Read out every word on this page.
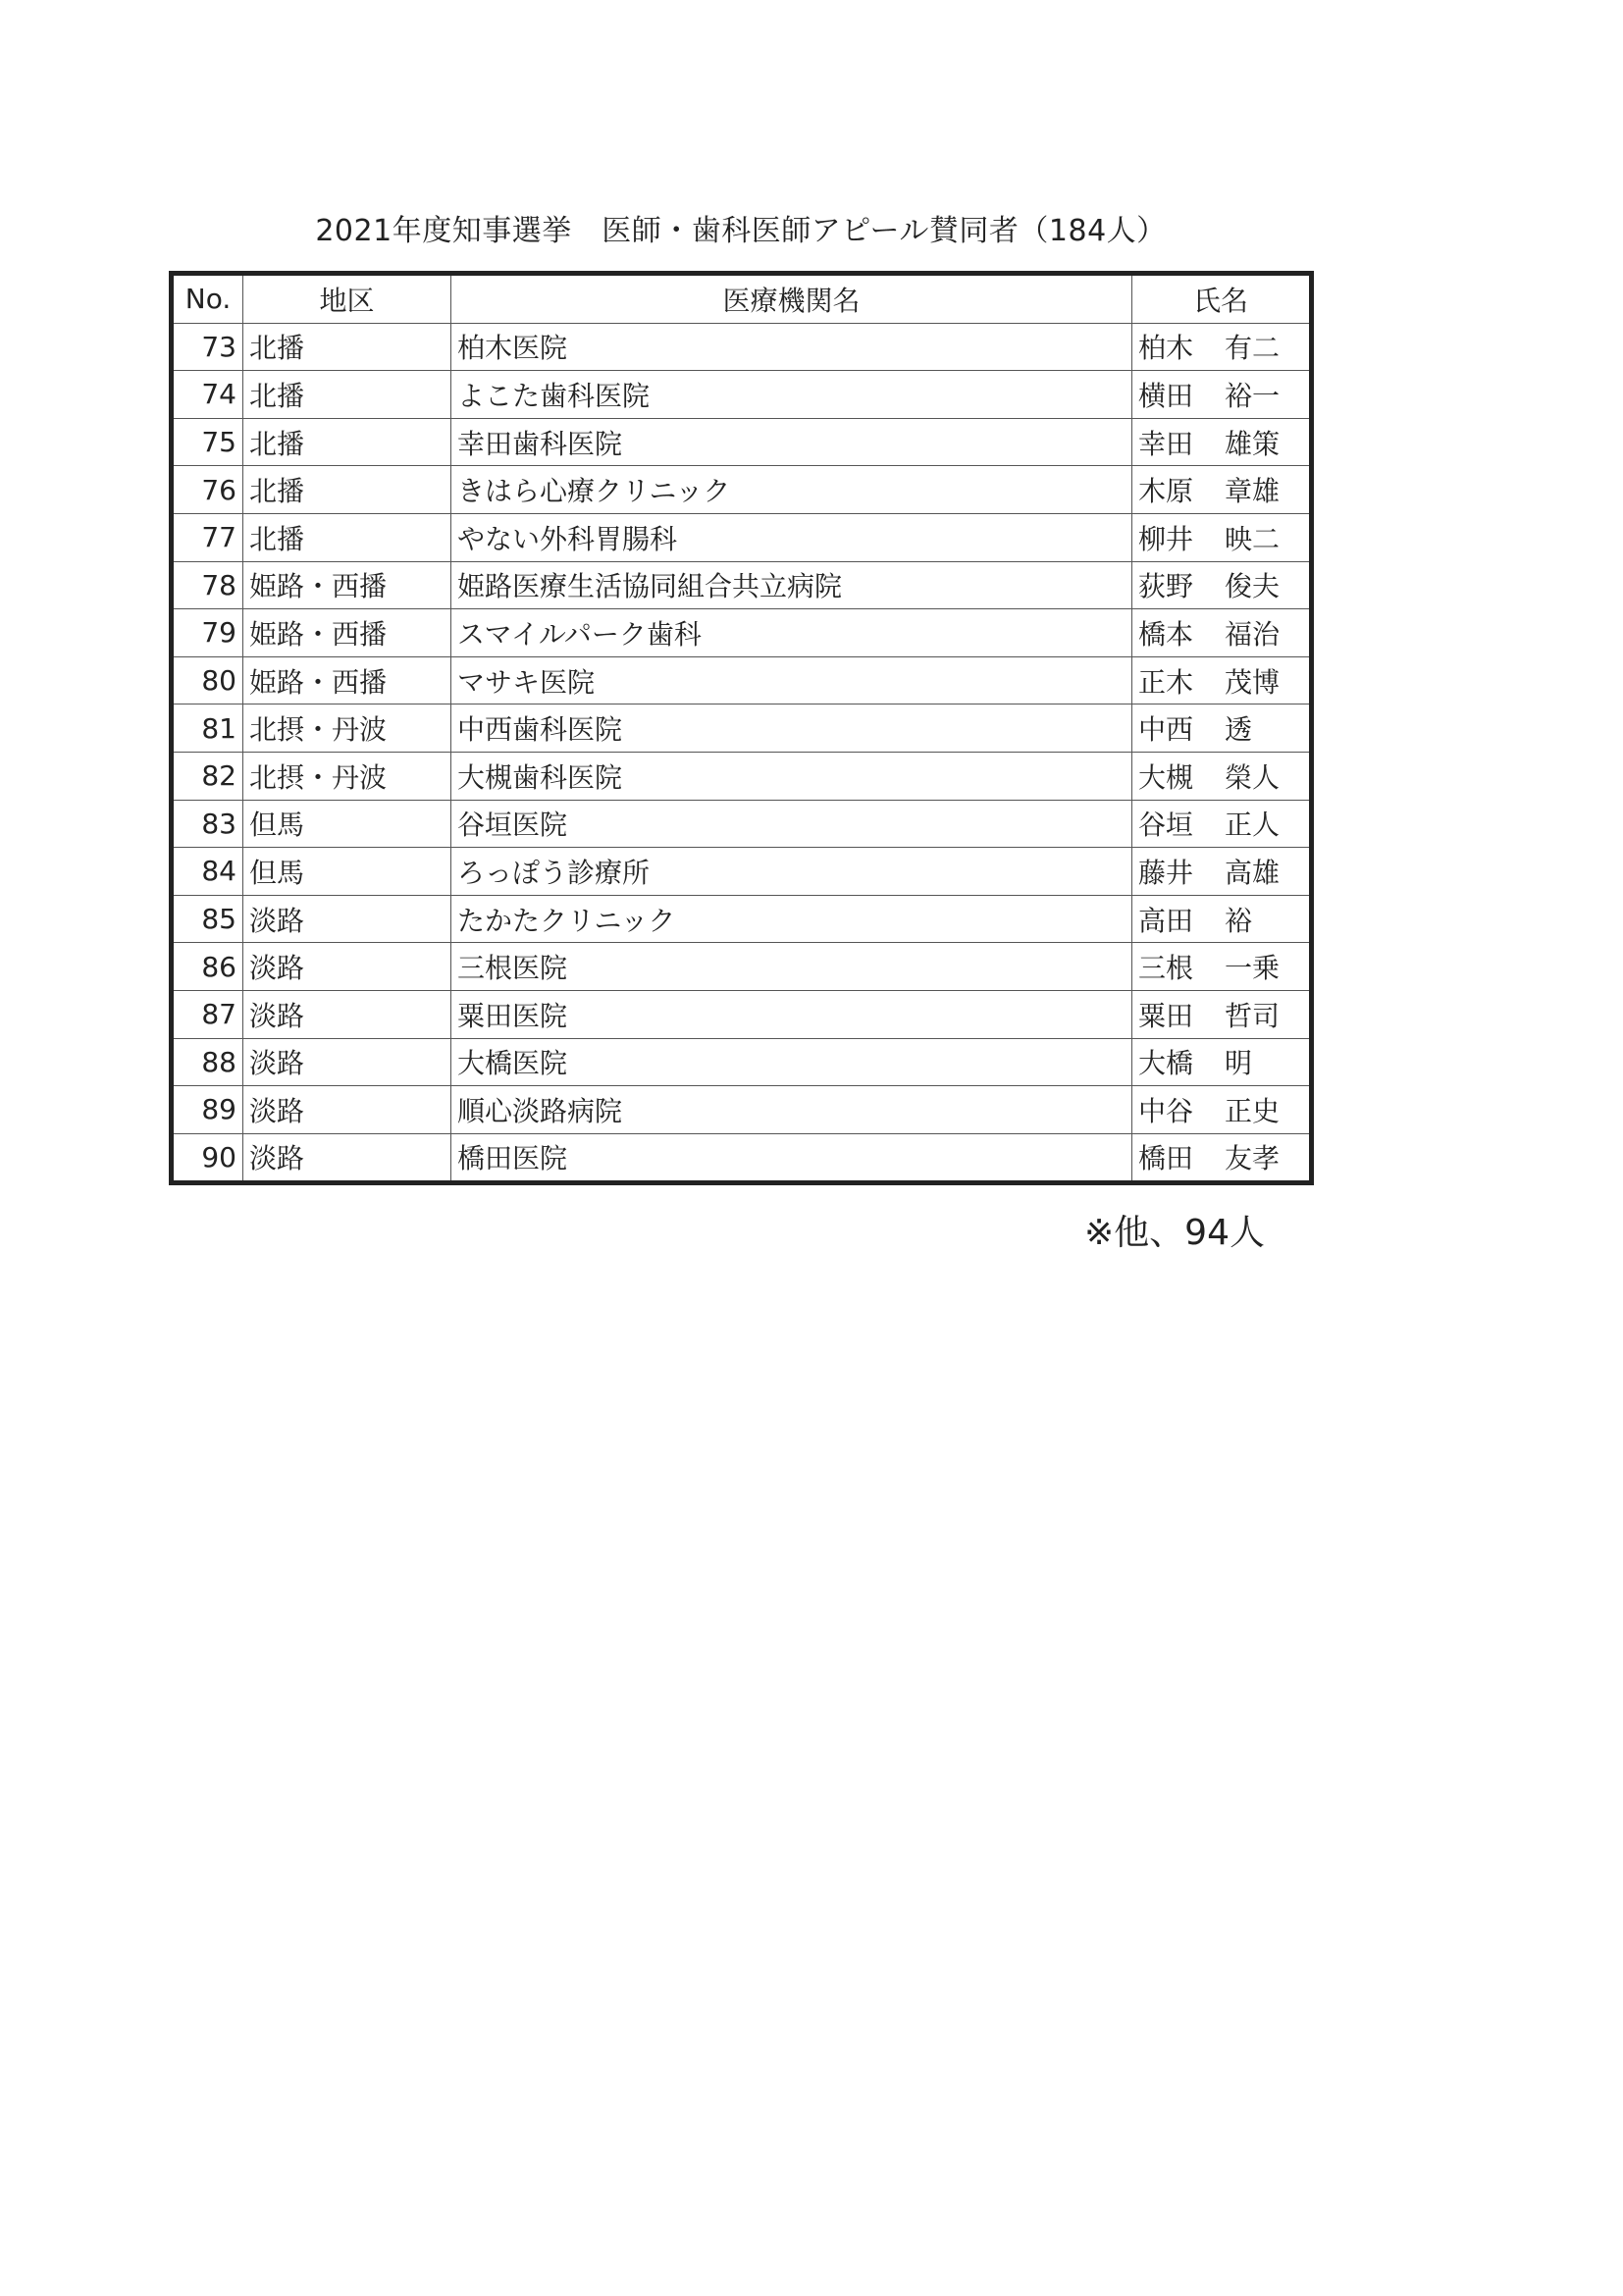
2021年度知事選挙　医師・歯科医師アピール賛同者（184人）
No.	地区	医療機関名	氏名
73	北播	柏木医院	柏木 有二

74	北播	よこた歯科医院	横田 裕一

75	北播	幸田歯科医院	幸田 雄策

76	北播	きはら心療クリニック	木原 章雄

77	北播	やない外科胃腸科	柳井 映二

78	姫路・西播	姫路医療生活協同組合共立病院	荻野 俊夫

79	姫路・西播	スマイルパーク歯科	橋本 福治

80	姫路・西播	マサキ医院	正木 茂博

81	北摂・丹波	中西歯科医院	中西 透

82	北摂・丹波	大槻歯科医院	大槻 榮人

83	但馬	谷垣医院	谷垣 正人

84	但馬	ろっぽう診療所	藤井 高雄

85	淡路	たかたクリニック	高田 裕

86	淡路	三根医院	三根 一乗

87	淡路	粟田医院	粟田 哲司

88	淡路	大橋医院	大橋 明

89	淡路	順心淡路病院	中谷 正史

90	淡路	橋田医院	橋田 友孝
※他、94人
